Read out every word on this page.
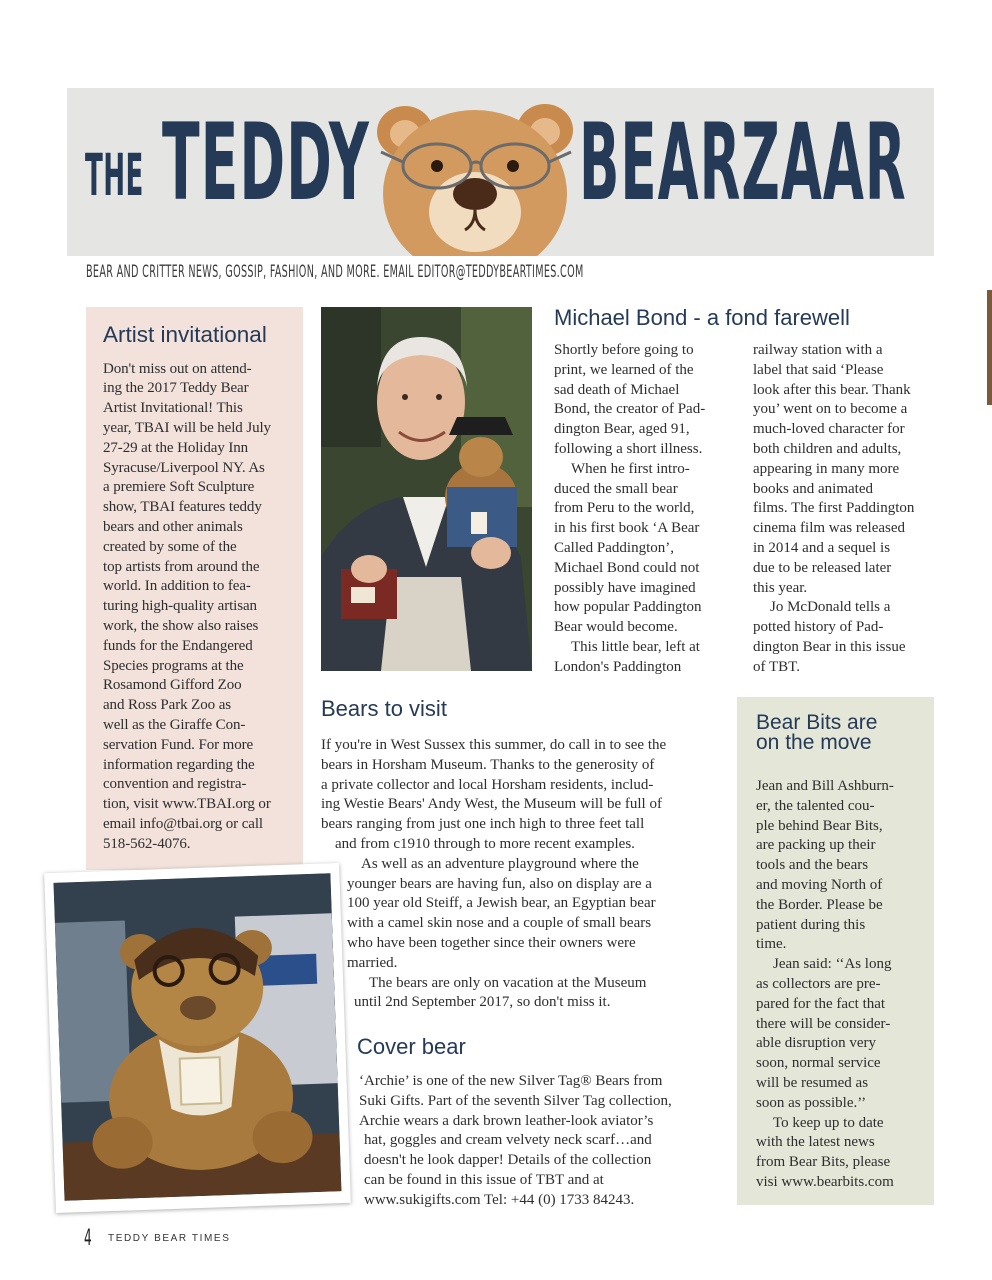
THE TEDDY BEARZAAR
BEAR AND CRITTER NEWS, GOSSIP, FASHION, AND MORE. EMAIL EDITOR@TEDDYBEARTIMES.COM
Artist invitational

Don't miss out on attend-

ing the 2017 Teddy Bear

Artist Invitational! This

year, TBAI will be held July

27-29 at the Holiday Inn

Syracuse/Liverpool NY. As

a premiere Soft Sculpture

show, TBAI features teddy

bears and other animals

created by some of the

top artists from around the

world. In addition to fea-

turing high-quality artisan

work, the show also raises

funds for the Endangered

Species programs at the

Rosamond Gifford Zoo

and Ross Park Zoo as

well as the Giraffe Con-

servation Fund. For more

information regarding the

convention and registra-

tion, visit www.TBAI.org or

email info@tbai.org or call

518-562-4076.

Michael Bond - a fond farewell

Shortly before going to

print, we learned of the

sad death of Michael

Bond, the creator of Pad-

dington Bear, aged 91,

following a short illness.

When he first intro-

duced the small bear

from Peru to the world,

in his first book ‘A Bear

Called Paddington’,

Michael Bond could not

possibly have imagined

how popular Paddington

Bear would become.

This little bear, left at

London's Paddington

railway station with a

label that said ‘Please

look after this bear. Thank

you’ went on to become a

much-loved character for

both children and adults,

appearing in many more

books and animated

films. The first Paddington

cinema film was released

in 2014 and a sequel is

due to be released later

this year.

Jo McDonald tells a

potted history of Pad-

dington Bear in this issue

of TBT.

Bears to visit

If you're in West Sussex this summer, do call in to see the

bears in Horsham Museum. Thanks to the generosity of

a private collector and local Horsham residents, includ-

ing Westie Bears' Andy West, the Museum will be full of

bears ranging from just one inch high to three feet tall

and from c1910 through to more recent examples.

As well as an adventure playground where the

younger bears are having fun, also on display are a

100 year old Steiff, a Jewish bear, an Egyptian bear

with a camel skin nose and a couple of small bears

who have been together since their owners were

married.

The bears are only on vacation at the Museum

until 2nd September 2017, so don't miss it.

Cover bear

‘Archie’ is one of the new Silver Tag® Bears from

Suki Gifts. Part of the seventh Silver Tag collection,

Archie wears a dark brown leather-look aviator’s

hat, goggles and cream velvety neck scarf…and

doesn't he look dapper! Details of the collection

can be found in this issue of TBT and at

www.sukigifts.com Tel: +44 (0) 1733 84243.

Bear Bits are
on the move

Jean and Bill Ashburn-

er, the talented cou-

ple behind Bear Bits,

are packing up their

tools and the bears

and moving North of

the Border. Please be

patient during this

time.

Jean said: ‘‘As long

as collectors are pre-

pared for the fact that

there will be consider-

able disruption very

soon, normal service

will be resumed as

soon as possible.’’

To keep up to date

with the latest news

from Bear Bits, please

visi www.bearbits.com

4 TEDDY BEAR TIMES
